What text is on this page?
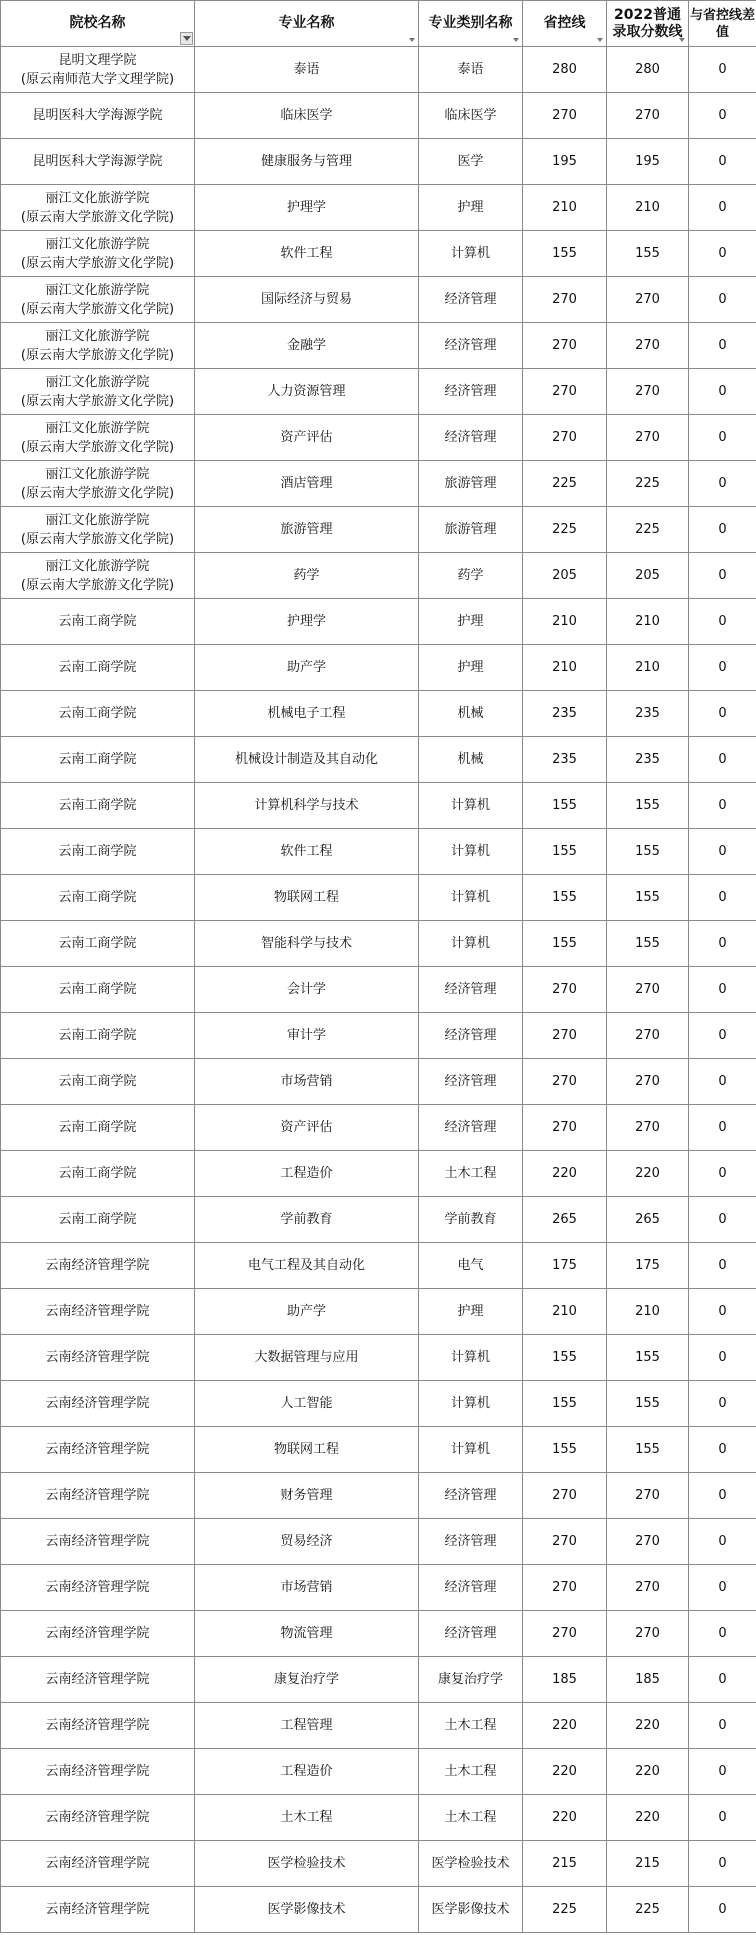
院校名称	专业名称	专业类别名称	省控线	2022普通
录取分数线	与省控线差值
昆明文理学院
(原云南师范大学文理学院)	泰语	泰语	280	280	0
昆明医科大学海源学院	临床医学	临床医学	270	270	0
昆明医科大学海源学院	健康服务与管理	医学	195	195	0
丽江文化旅游学院
(原云南大学旅游文化学院)	护理学	护理	210	210	0
丽江文化旅游学院
(原云南大学旅游文化学院)	软件工程	计算机	155	155	0
丽江文化旅游学院
(原云南大学旅游文化学院)	国际经济与贸易	经济管理	270	270	0
丽江文化旅游学院
(原云南大学旅游文化学院)	金融学	经济管理	270	270	0
丽江文化旅游学院
(原云南大学旅游文化学院)	人力资源管理	经济管理	270	270	0
丽江文化旅游学院
(原云南大学旅游文化学院)	资产评估	经济管理	270	270	0
丽江文化旅游学院
(原云南大学旅游文化学院)	酒店管理	旅游管理	225	225	0
丽江文化旅游学院
(原云南大学旅游文化学院)	旅游管理	旅游管理	225	225	0
丽江文化旅游学院
(原云南大学旅游文化学院)	药学	药学	205	205	0
云南工商学院	护理学	护理	210	210	0
云南工商学院	助产学	护理	210	210	0
云南工商学院	机械电子工程	机械	235	235	0
云南工商学院	机械设计制造及其自动化	机械	235	235	0
云南工商学院	计算机科学与技术	计算机	155	155	0
云南工商学院	软件工程	计算机	155	155	0
云南工商学院	物联网工程	计算机	155	155	0
云南工商学院	智能科学与技术	计算机	155	155	0
云南工商学院	会计学	经济管理	270	270	0
云南工商学院	审计学	经济管理	270	270	0
云南工商学院	市场营销	经济管理	270	270	0
云南工商学院	资产评估	经济管理	270	270	0
云南工商学院	工程造价	土木工程	220	220	0
云南工商学院	学前教育	学前教育	265	265	0
云南经济管理学院	电气工程及其自动化	电气	175	175	0
云南经济管理学院	助产学	护理	210	210	0
云南经济管理学院	大数据管理与应用	计算机	155	155	0
云南经济管理学院	人工智能	计算机	155	155	0
云南经济管理学院	物联网工程	计算机	155	155	0
云南经济管理学院	财务管理	经济管理	270	270	0
云南经济管理学院	贸易经济	经济管理	270	270	0
云南经济管理学院	市场营销	经济管理	270	270	0
云南经济管理学院	物流管理	经济管理	270	270	0
云南经济管理学院	康复治疗学	康复治疗学	185	185	0
云南经济管理学院	工程管理	土木工程	220	220	0
云南经济管理学院	工程造价	土木工程	220	220	0
云南经济管理学院	土木工程	土木工程	220	220	0
云南经济管理学院	医学检验技术	医学检验技术	215	215	0
云南经济管理学院	医学影像技术	医学影像技术	225	225	0
